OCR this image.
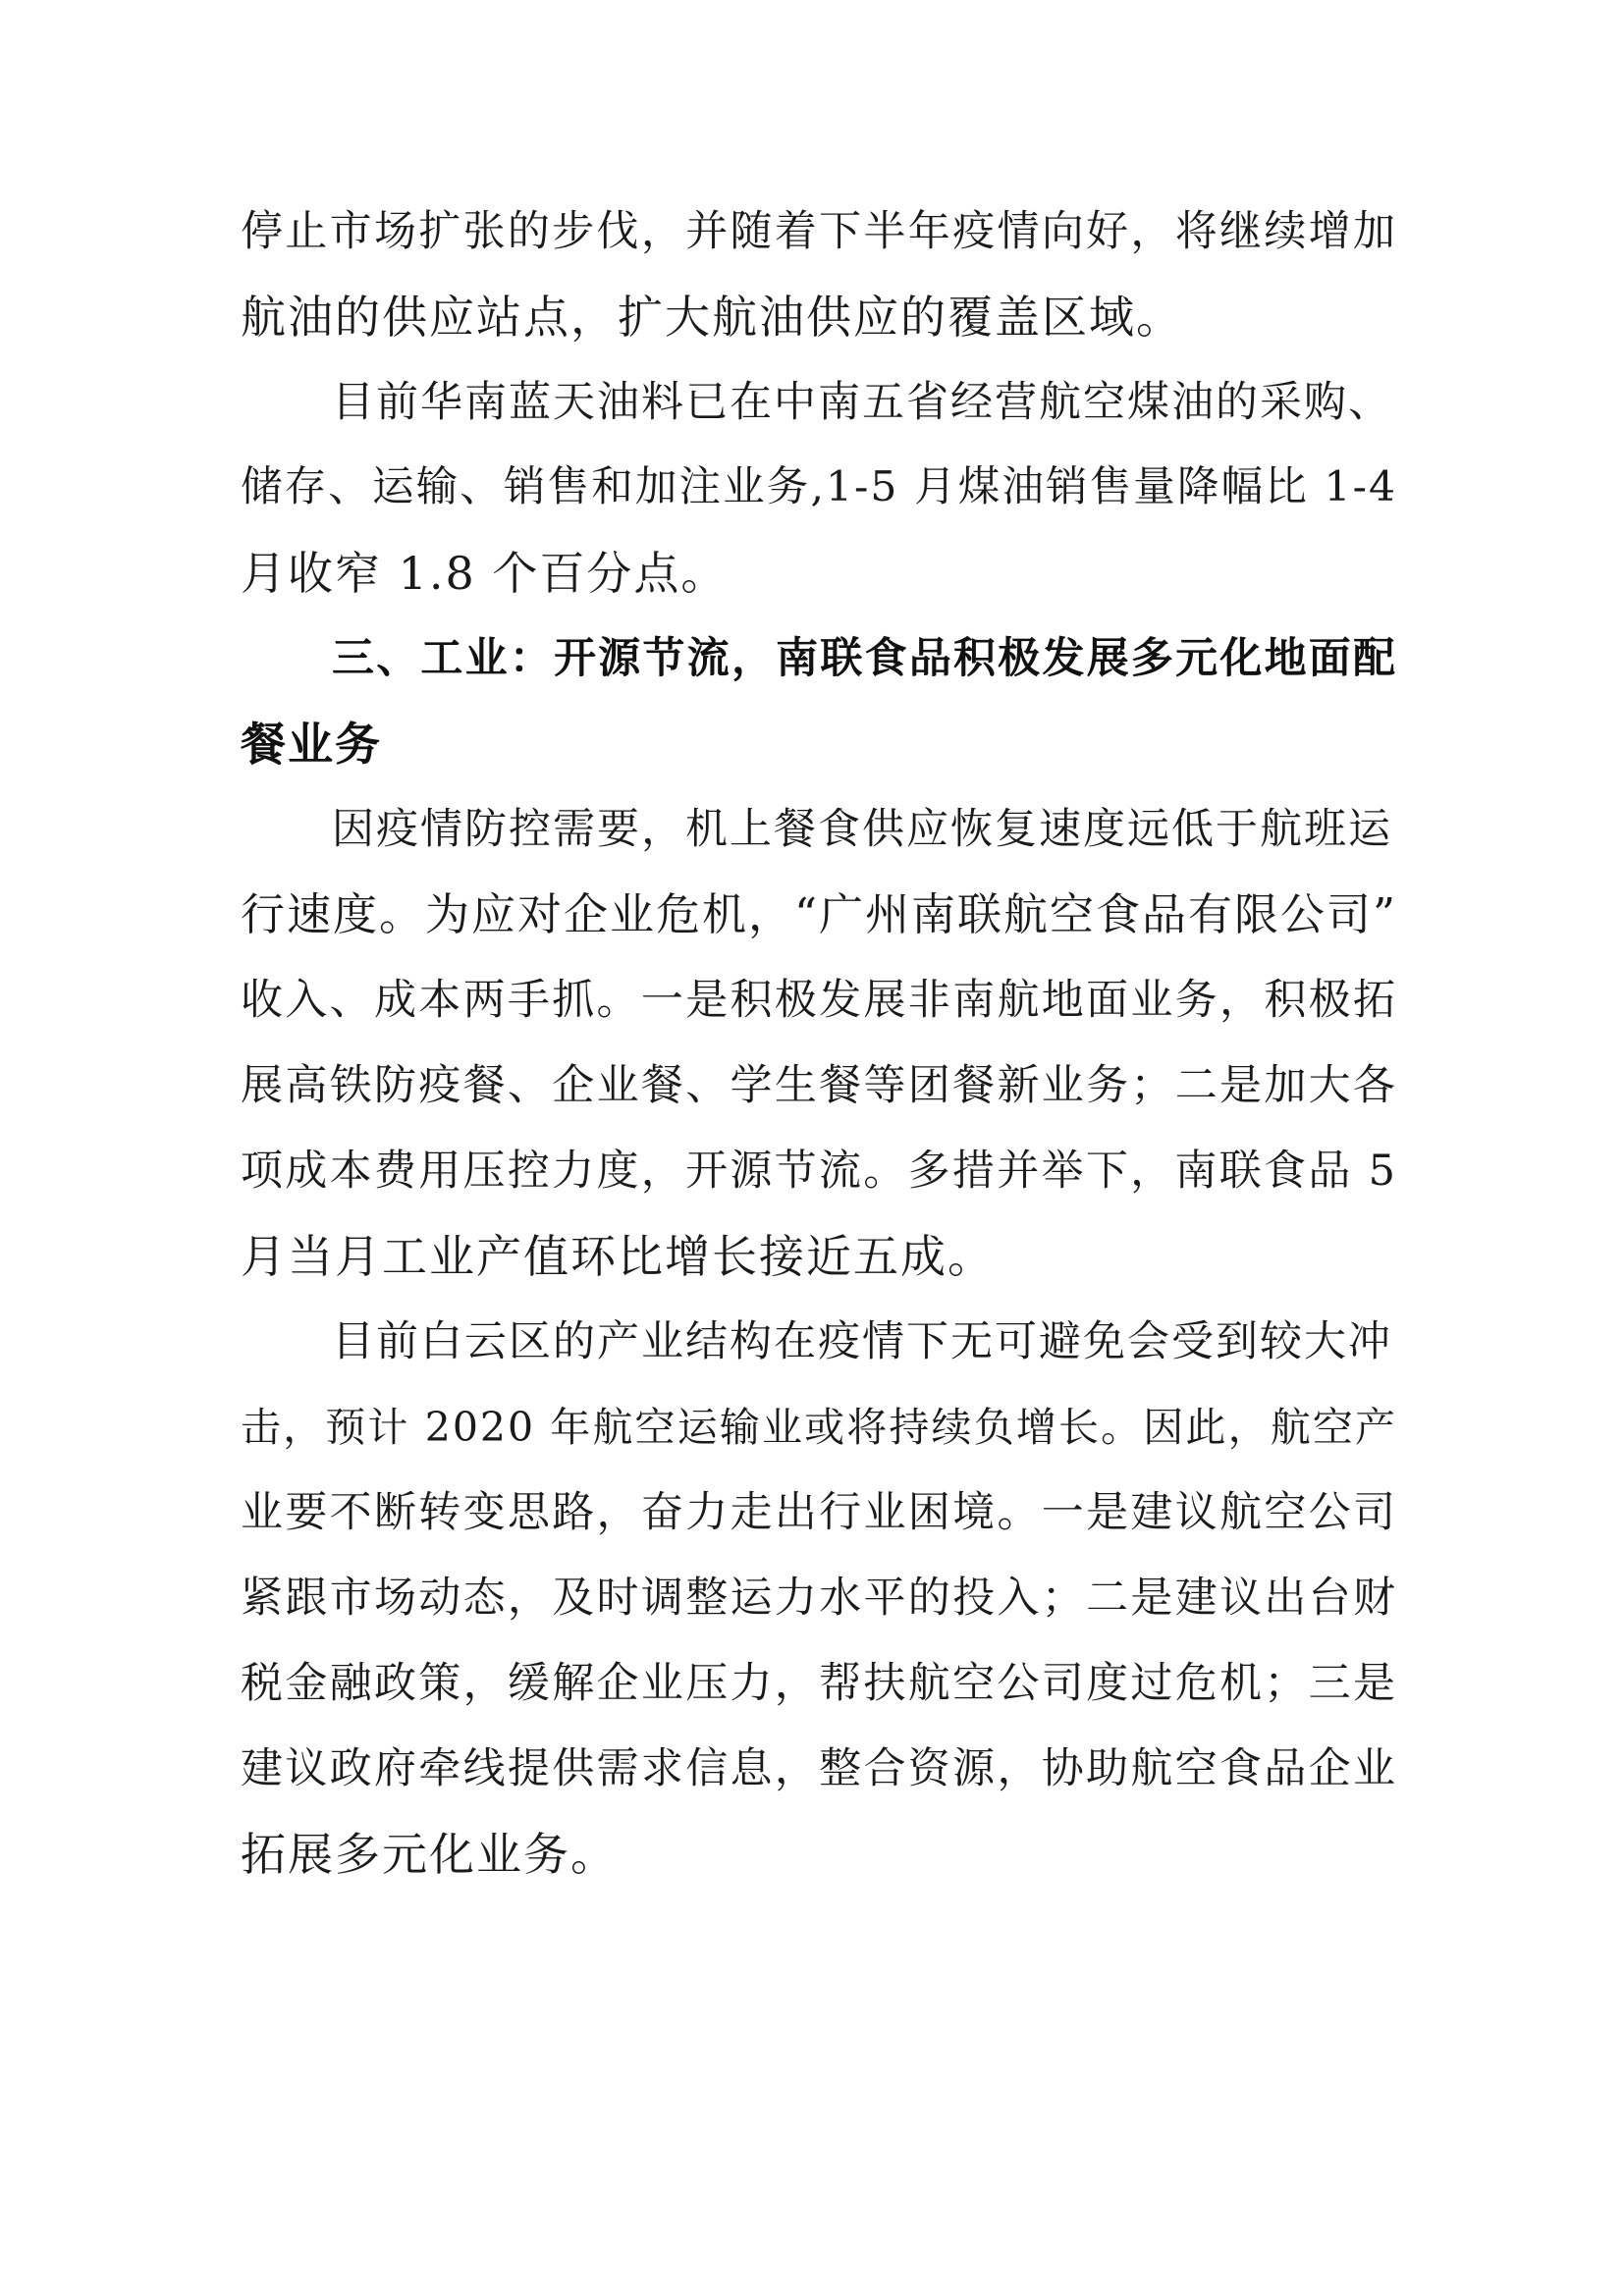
停止市场扩张的步伐，并随着下半年疫情向好，将继续增加
航油的供应站点，扩大航油供应的覆盖区域。
目前华南蓝天油料已在中南五省经营航空煤油的采购、
储存、运输、销售和加注业务,1-5 月煤油销售量降幅比 1-4
月收窄 1.8 个百分点。
三、工业：开源节流，南联食品积极发展多元化地面配
餐业务
因疫情防控需要，机上餐食供应恢复速度远低于航班运
行速度。为应对企业危机，“广州南联航空食品有限公司”
收入、成本两手抓。一是积极发展非南航地面业务，积极拓
展高铁防疫餐、企业餐、学生餐等团餐新业务；二是加大各
项成本费用压控力度，开源节流。多措并举下，南联食品 5
月当月工业产值环比增长接近五成。
目前白云区的产业结构在疫情下无可避免会受到较大冲
击，预计 2020 年航空运输业或将持续负增长。因此，航空产
业要不断转变思路，奋力走出行业困境。一是建议航空公司
紧跟市场动态，及时调整运力水平的投入；二是建议出台财
税金融政策，缓解企业压力，帮扶航空公司度过危机；三是
建议政府牵线提供需求信息，整合资源，协助航空食品企业
拓展多元化业务。
